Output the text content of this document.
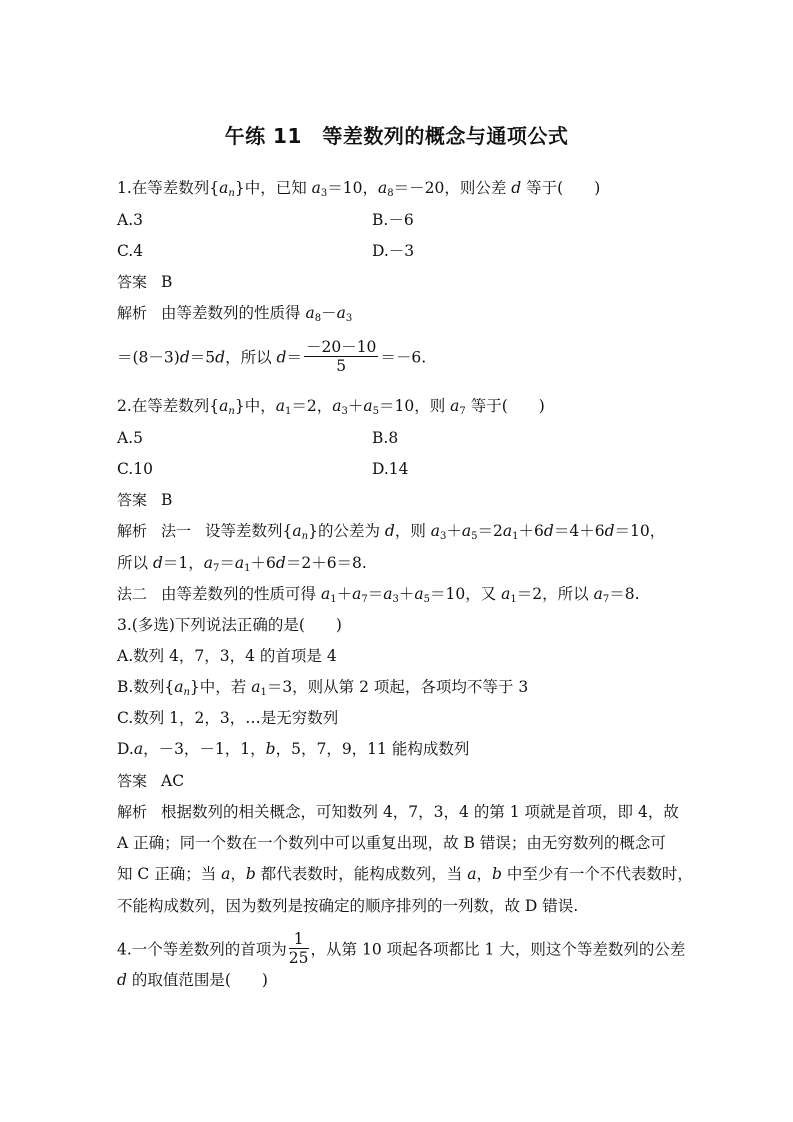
午练 11　等差数列的概念与通项公式
1.在等差数列$\{a_n\}$中，已知 $a_3=10$，$a_8=-20$，则公差 d 等于(　　)
A.3	B.－6
C.4	D.－3
答案 B
解析 由等差数列的性质得 $a_8-a_3$
＝(8－3)d＝5d，所以 $d= \frac{-20-10}{5} =-6$.
2.在等差数列$\{a_n\}$中，$a_1=2$，$a_3+a_5=10$，则 $a_7$ 等于(　　)
A.5	B.8
C.10	D.14
答案 B
解析 法一 设等差数列$\{a_n\}$的公差为 d，则 $a_3+a_5=2a_1+6d=4+6d=10$，
所以 d＝1，$a_7=a_1+6d=2+6=8$.
法二 由等差数列的性质可得 $a_1+a_7=a_3+a_5=10$，又 $a_1=2$，所以 $a_7=8$.
3.(多选)下列说法正确的是(　　)
A.数列 4，7，3，4 的首项是 4
B.数列$\{a_n\}$中，若 $a_1=3$，则从第 2 项起，各项均不等于 3
C.数列 1，2，3，…是无穷数列
D.a，－3，－1，1，b，5，7，9，11 能构成数列
答案 AC
解析 根据数列的相关概念，可知数列 4，7，3，4 的第 1 项就是首项，即 4，故
A 正确；同一个数在一个数列中可以重复出现，故 B 错误；由无穷数列的概念可
知 C 正确；当 a，b 都代表数时，能构成数列，当 a，b 中至少有一个不代表数时，
不能构成数列，因为数列是按确定的顺序排列的一列数，故 D 错误.
4.一个等差数列的首项为 $\frac{1}{25}$ ，从第 10 项起各项都比 1 大，则这个等差数列的公差
d 的取值范围是(　　)
